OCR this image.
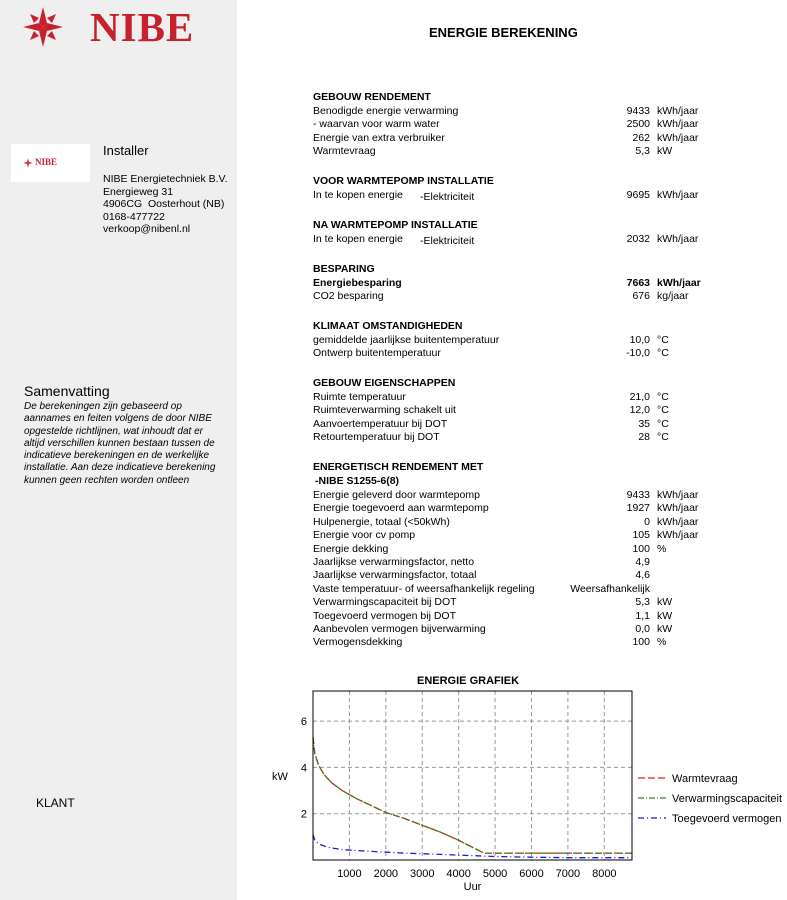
NIBE
NIBE
Installer
NIBE Energietechniek B.V.
Energieweg 31
4906CG  Oosterhout (NB)
0168-477722
verkoop@nibenl.nl
Samenvatting
De berekeningen zijn gebaseerd op aannames en feiten volgens de door NIBE opgestelde richtlijnen, wat inhoudt dat er altijd verschillen kunnen bestaan tussen de indicatieve berekeningen en de werkelijke installatie. Aan deze indicatieve berekening kunnen geen rechten worden ontleen
KLANT
ENERGIE BEREKENING
GEBOUW RENDEMENT
Benodigde energie verwarming	9433 kWh/jaar
- waarvan voor warm water	2500 kWh/jaar
Energie van extra verbruiker	262 kWh/jaar
Warmtevraag	5,3 kW
VOOR WARMTEPOMP INSTALLATIE
In te kopen energie -Elektriciteit	9695 kWh/jaar
NA WARMTEPOMP INSTALLATIE
In te kopen energie -Elektriciteit	2032 kWh/jaar
BESPARING
Energiebesparing	7663 kWh/jaar
CO2 besparing	676 kg/jaar
KLIMAAT OMSTANDIGHEDEN
gemiddelde jaarlijkse buitentemperatuur	10,0 °C
Ontwerp buitentemperatuur	-10,0 °C
GEBOUW EIGENSCHAPPEN
Ruimte temperatuur	21,0 °C
Ruimteverwarming schakelt uit	12,0 °C
Aanvoertemperatuur bij DOT	35 °C
Retourtemperatuur bij DOT	28 °C
ENERGETISCH RENDEMENT MET
-NIBE S1255-6(8)
Energie geleverd door warmtepomp	9433 kWh/jaar
Energie toegevoerd aan warmtepomp	1927 kWh/jaar
Hulpenergie, totaal (<50kWh)	0 kWh/jaar
Energie voor cv pomp	105 kWh/jaar
Energie dekking	100 %
Jaarlijkse verwarmingsfactor, netto	4,9
Jaarlijkse verwarmingsfactor, totaal	4,6
Vaste temperatuur- of weersafhankelijk regeling	Weersafhankelijk
Verwarmingscapaciteit bij DOT	5,3 kW
Toegevoerd vermogen bij DOT	1,1 kW
Aanbevolen vermogen bijverwarming	0,0 kW
Vermogensdekking	100 %
ENERGIE GRAFIEK
1000 2000 3000 4000 5000 6000 7000 8000
2
4
6
Uur
kW	Warmtevraag
Verwarmingscapaciteit
Toegevoerd vermogen
